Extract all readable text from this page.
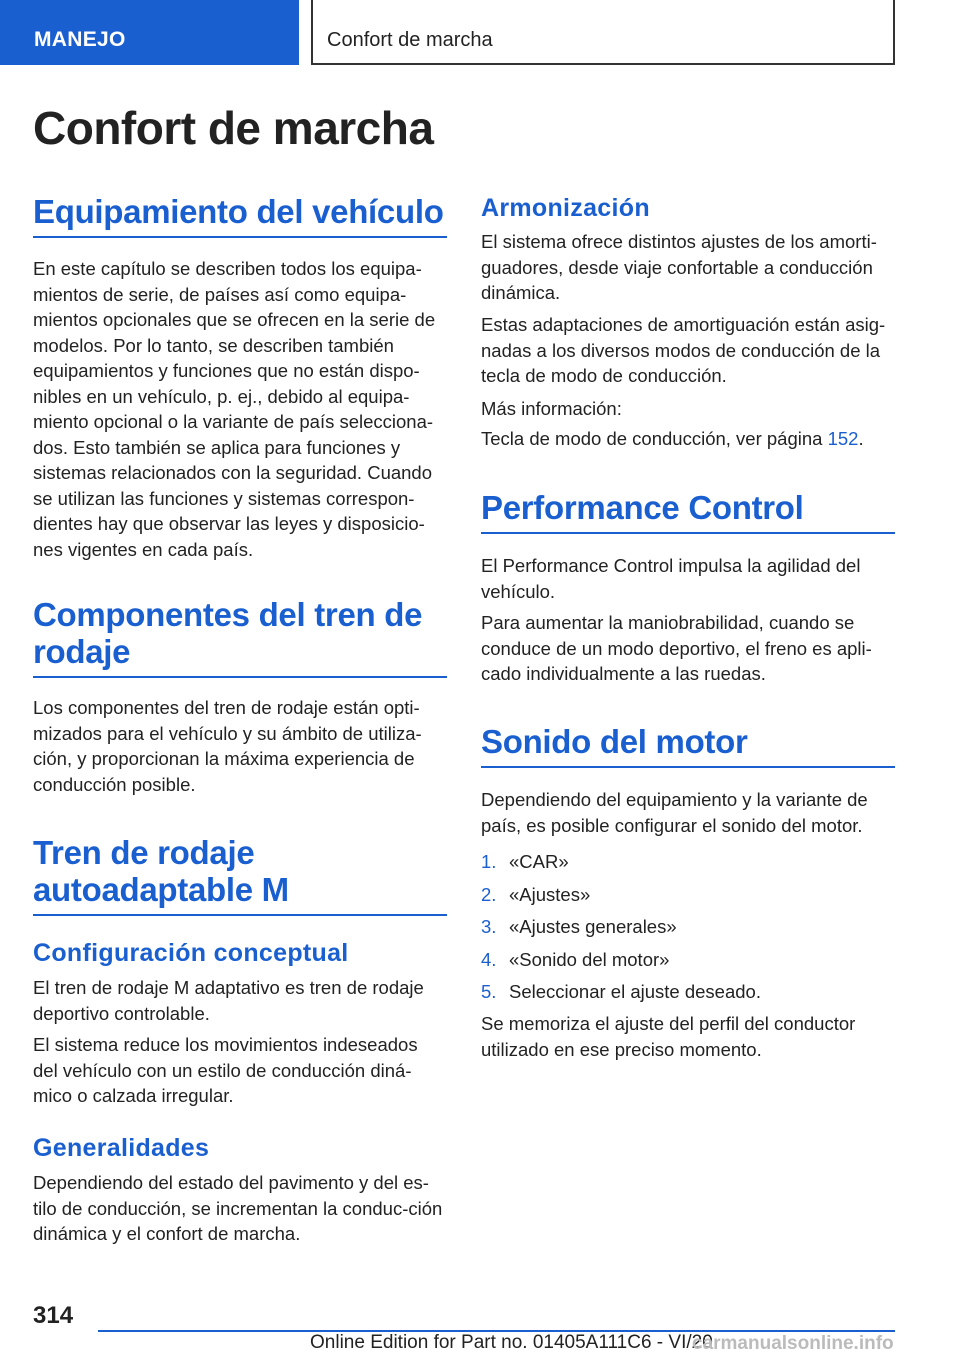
MANEJO	Confort de marcha
Confort de marcha
Equipamiento del vehículo

En este capítulo se describen todos los equipa-mientos de serie, de países así como equipa-mientos opcionales que se ofrecen en la serie de modelos. Por lo tanto, se describen también equipamientos y funciones que no están dispo-nibles en un vehículo, p. ej., debido al equipa-miento opcional o la variante de país selecciona-dos. Esto también se aplica para funciones y sistemas relacionados con la seguridad. Cuando se utilizan las funciones y sistemas correspon-dientes hay que observar las leyes y disposicio-nes vigentes en cada país.

Componentes del tren de rodaje

Los componentes del tren de rodaje están opti-mizados para el vehículo y su ámbito de utiliza-ción, y proporcionan la máxima experiencia de conducción posible.

Tren de rodaje autoadaptable M
Configuración conceptual

El tren de rodaje M adaptativo es tren de rodaje deportivo controlable.

El sistema reduce los movimientos indeseados del vehículo con un estilo de conducción diná-mico o calzada irregular.

Generalidades

Dependiendo del estado del pavimento y del es-tilo de conducción, se incrementan la conduc-ción dinámica y el confort de marcha.

Armonización

El sistema ofrece distintos ajustes de los amorti-guadores, desde viaje confortable a conducción dinámica.

Estas adaptaciones de amortiguación están asig-nadas a los diversos modos de conducción de la tecla de modo de conducción.

Más información:

Tecla de modo de conducción, ver página 152.

Performance Control

El Performance Control impulsa la agilidad del vehículo.

Para aumentar la maniobrabilidad, cuando se conduce de un modo deportivo, el freno es apli-cado individualmente a las ruedas.

Sonido del motor

Dependiendo del equipamiento y la variante de país, es posible configurar el sonido del motor.

1. «CAR»
2. «Ajustes»
3. «Ajustes generales»
4. «Sonido del motor»
5. Seleccionar el ajuste deseado.

Se memoriza el ajuste del perfil del conductor utilizado en ese preciso momento.

314
Online Edition for Part no. 01405A111C6 - VI/20
carmanualsonline.info
